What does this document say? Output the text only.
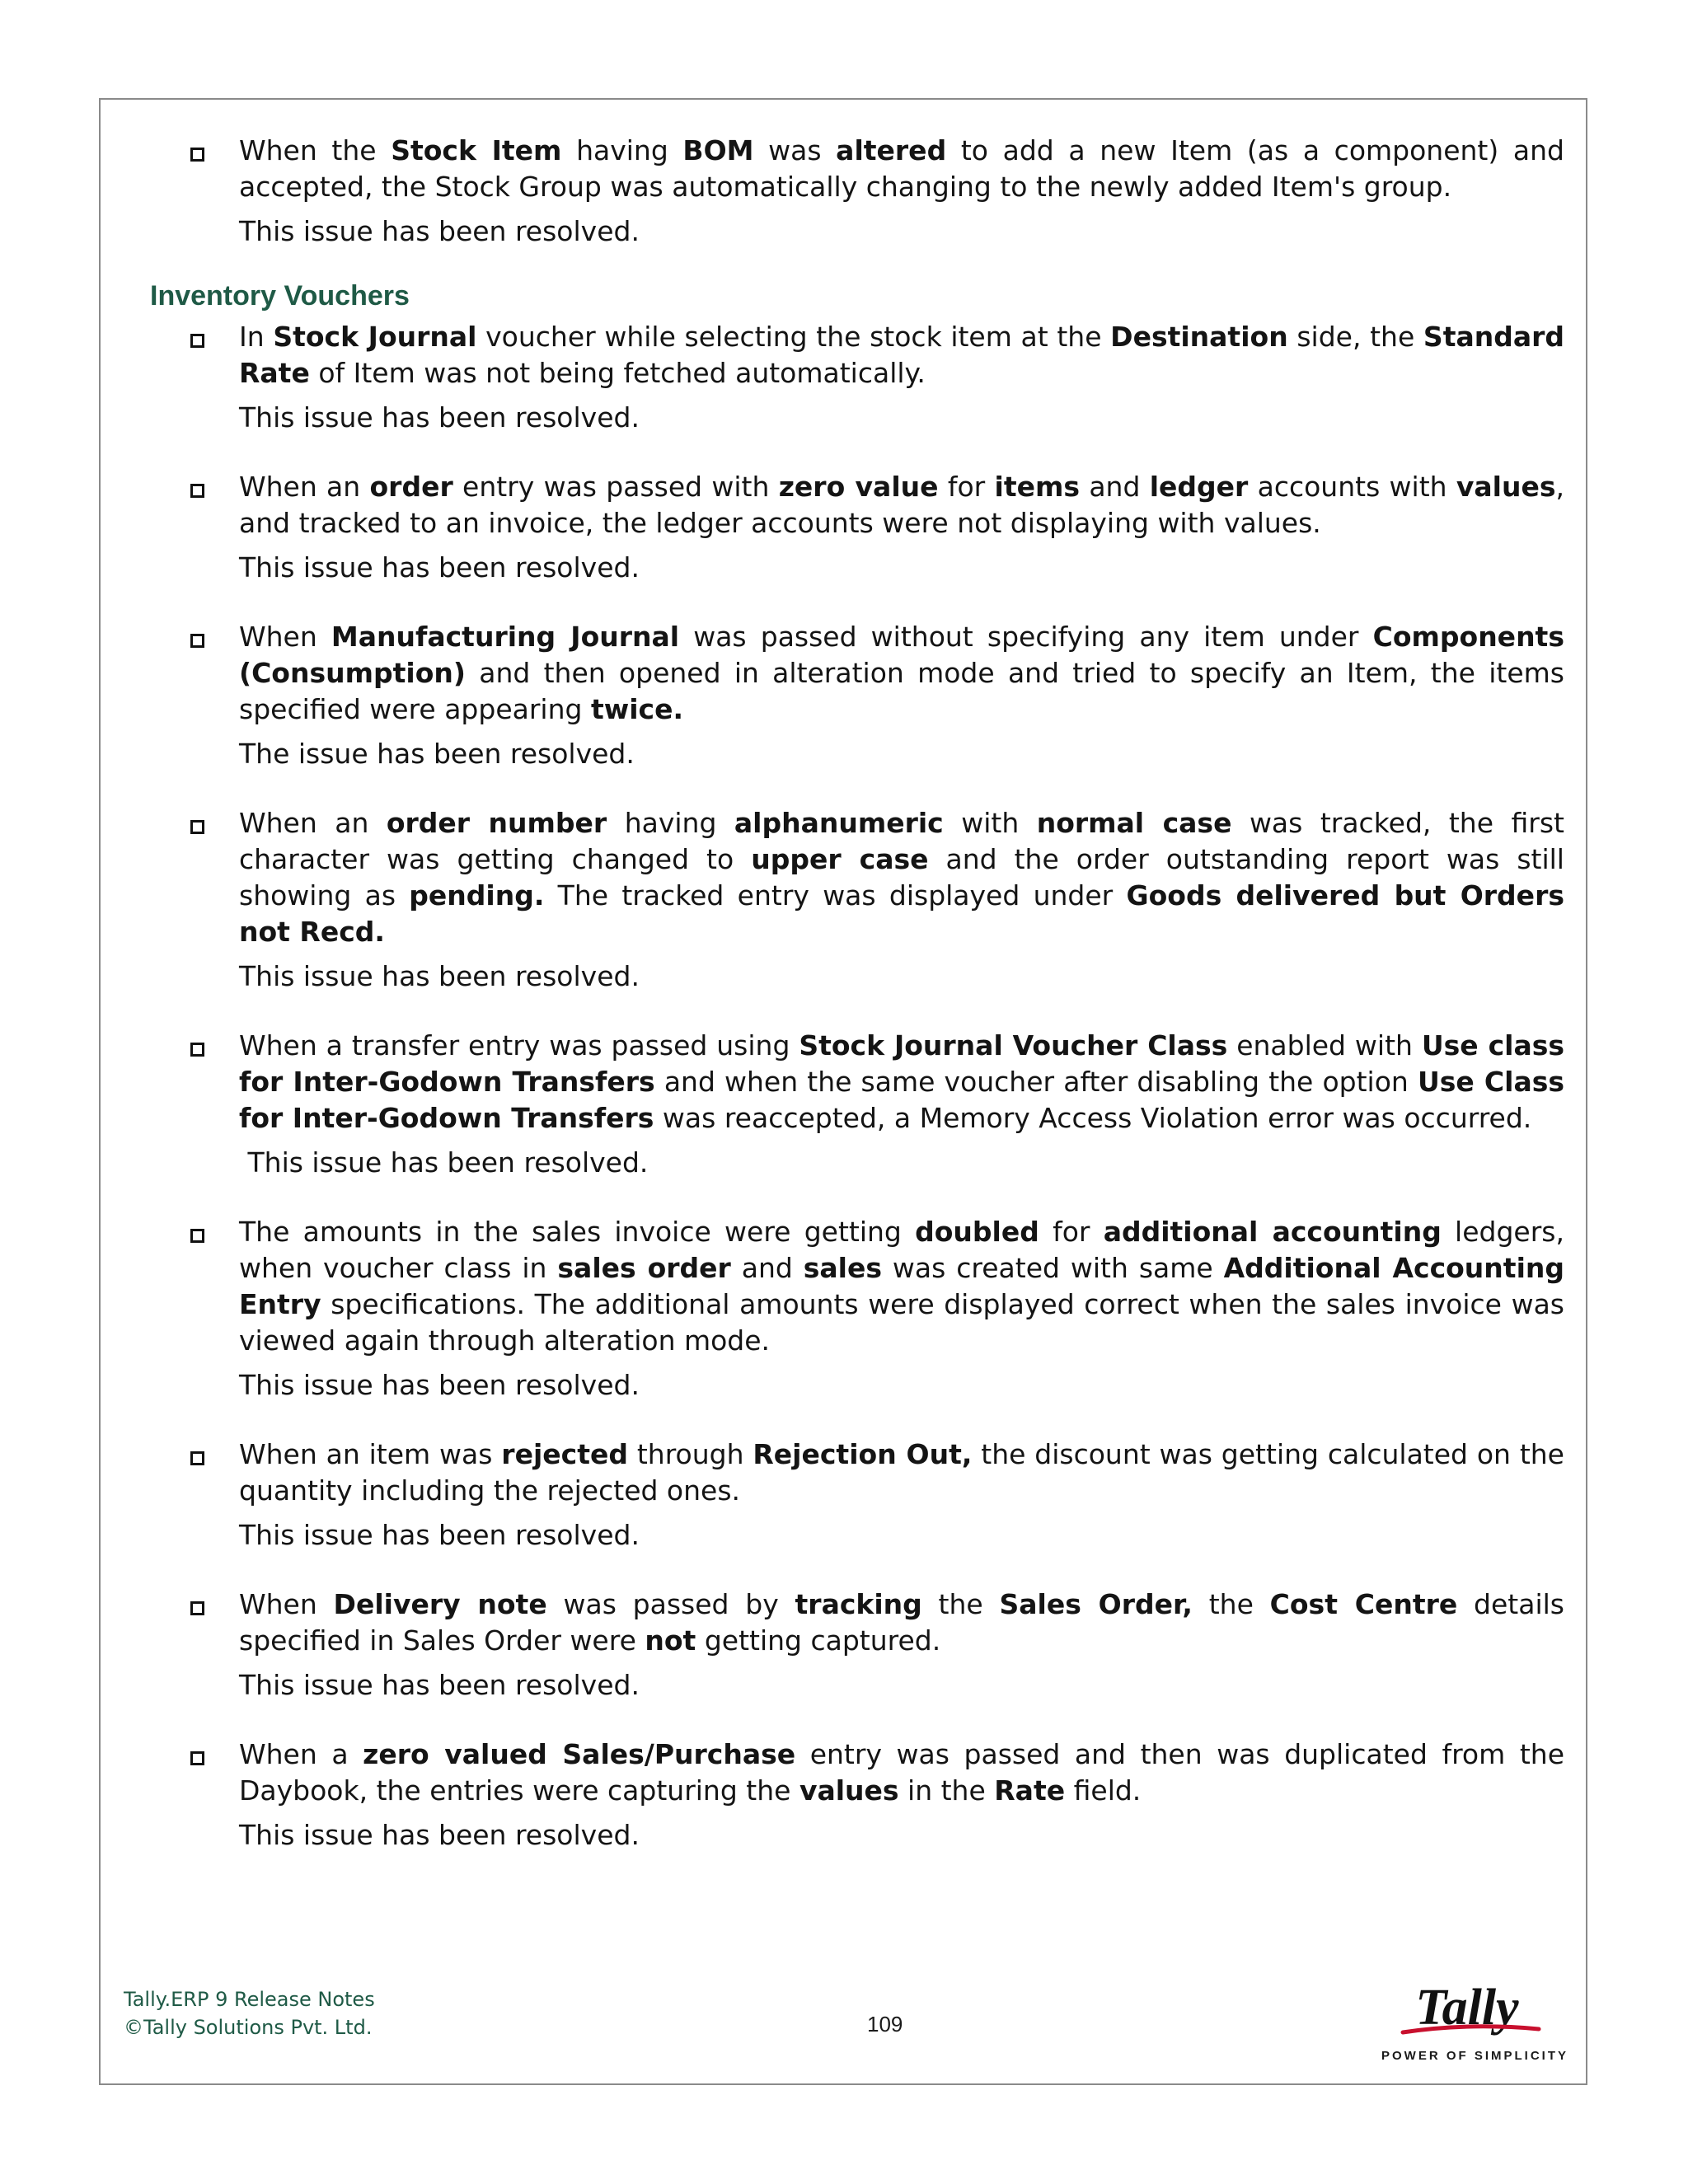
When the Stock Item having BOM was altered to add a new Item (as a component) and accepted, the Stock Group was automatically changing to the newly added Item's group.

This issue has been resolved.

Inventory Vouchers

In Stock Journal voucher while selecting the stock item at the Destination side, the Standard Rate of Item was not being fetched automatically.

This issue has been resolved.

When an order entry was passed with zero value for items and ledger accounts with values, and tracked to an invoice, the ledger accounts were not displaying with values.

This issue has been resolved.

When Manufacturing Journal was passed without specifying any item under Components (Consumption) and then opened in alteration mode and tried to specify an Item, the items specified were appearing twice.

The issue has been resolved.

When an order number having alphanumeric with normal case was tracked, the first character was getting changed to upper case and the order outstanding report was still showing as pending. The tracked entry was displayed under Goods delivered but Orders not Recd.

This issue has been resolved.

When a transfer entry was passed using Stock Journal Voucher Class enabled with Use class for Inter-Godown Transfers and when the same voucher after disabling the option Use Class for Inter-Godown Transfers was reaccepted, a Memory Access Violation error was occurred.

This issue has been resolved.

The amounts in the sales invoice were getting doubled for additional accounting ledgers, when voucher class in sales order and sales was created with same Additional Accounting Entry specifications. The additional amounts were displayed correct when the sales invoice was viewed again through alteration mode.

This issue has been resolved.

When an item was rejected through Rejection Out, the discount was getting calculated on the quantity including the rejected ones.

This issue has been resolved.

When Delivery note was passed by tracking the Sales Order, the Cost Centre details specified in Sales Order were not getting captured.

This issue has been resolved.

When a zero valued Sales/Purchase entry was passed and then was duplicated from the Daybook, the entries were capturing the values in the Rate field.

This issue has been resolved.

Tally.ERP 9 Release Notes
©Tally Solutions Pvt. Ltd.	109	Tally
POWER OF SIMPLICITY
